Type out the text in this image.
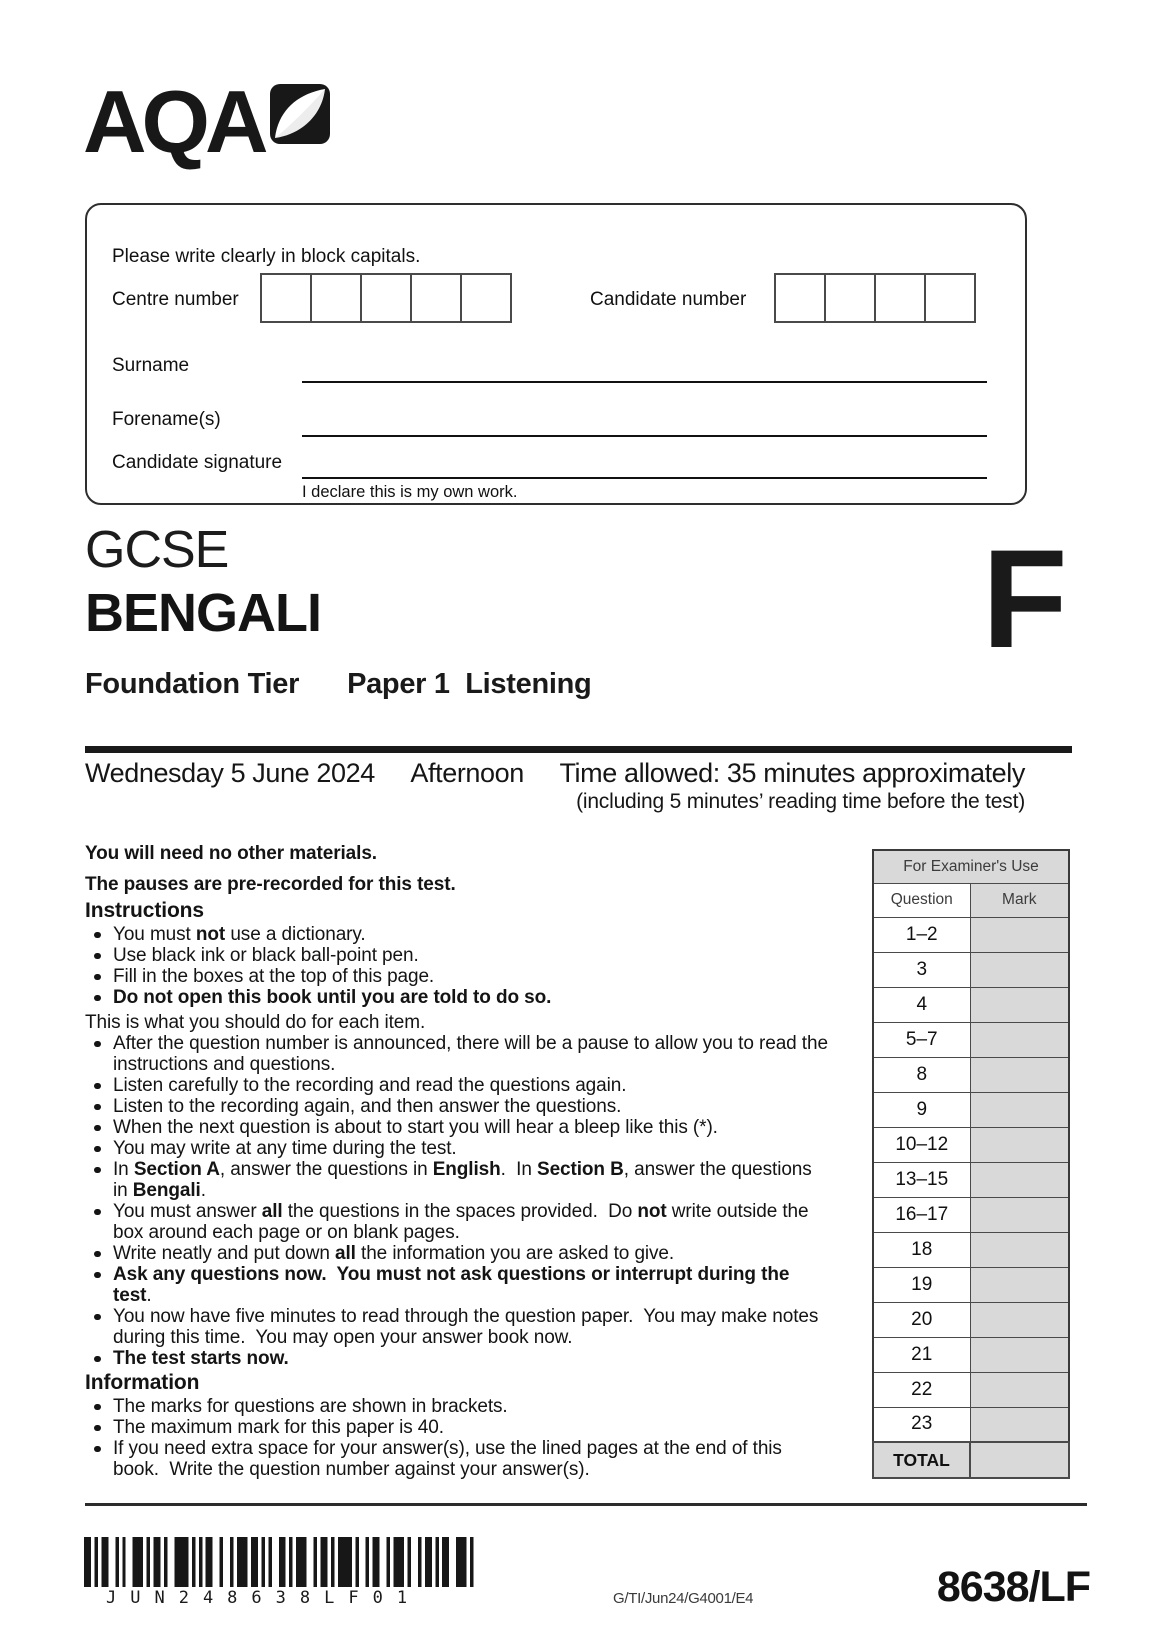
AQA

Please write clearly in block capitals.

Centre number	Candidate number
Surname
Forename(s)
Candidate signature
I declare this is my own work.
GCSE
BENGALI	F
Foundation Tier Paper 1  Listening
Wednesday 5 June 2024 Afternoon Time allowed: 35 minutes approximately
(including 5 minutes’ reading time before the test)

You will need no other materials.

The pauses are pre-recorded for this test.

Instructions
You must not use a dictionary.
Use black ink or black ball-point pen.
Fill in the boxes at the top of this page.
Do not open this book until you are told to do so.

This is what you should do for each item.

After the question number is announced, there will be a pause to allow you to read the instructions and questions.
Listen carefully to the recording and read the questions again.
Listen to the recording again, and then answer the questions.
When the next question is about to start you will hear a bleep like this (*).
You may write at any time during the test.
In Section A, answer the questions in English.  In Section B, answer the questions in Bengali.
You must answer all the questions in the spaces provided.  Do not write outside the box around each page or on blank pages.
Write neatly and put down all the information you are asked to give.
Ask any questions now.  You must not ask questions or interrupt during the test.
You now have five minutes to read through the question paper.  You may make notes during this time.  You may open your answer book now.
The test starts now.
Information
The marks for questions are shown in brackets.
The maximum mark for this paper is 40.
If you need extra space for your answer(s), use the lined pages at the end of this book.  Write the question number against your answer(s).
For Examiner's Use	
Question	Mark
1–2	
3	
4	
5–7	
8	
9	
10–12	
13–15	
16–17	
18	
19	
20	
21	
22	
23	
TOTAL	
JUN248638LF01	G/TI/Jun24/G4001/E4	8638/LF
